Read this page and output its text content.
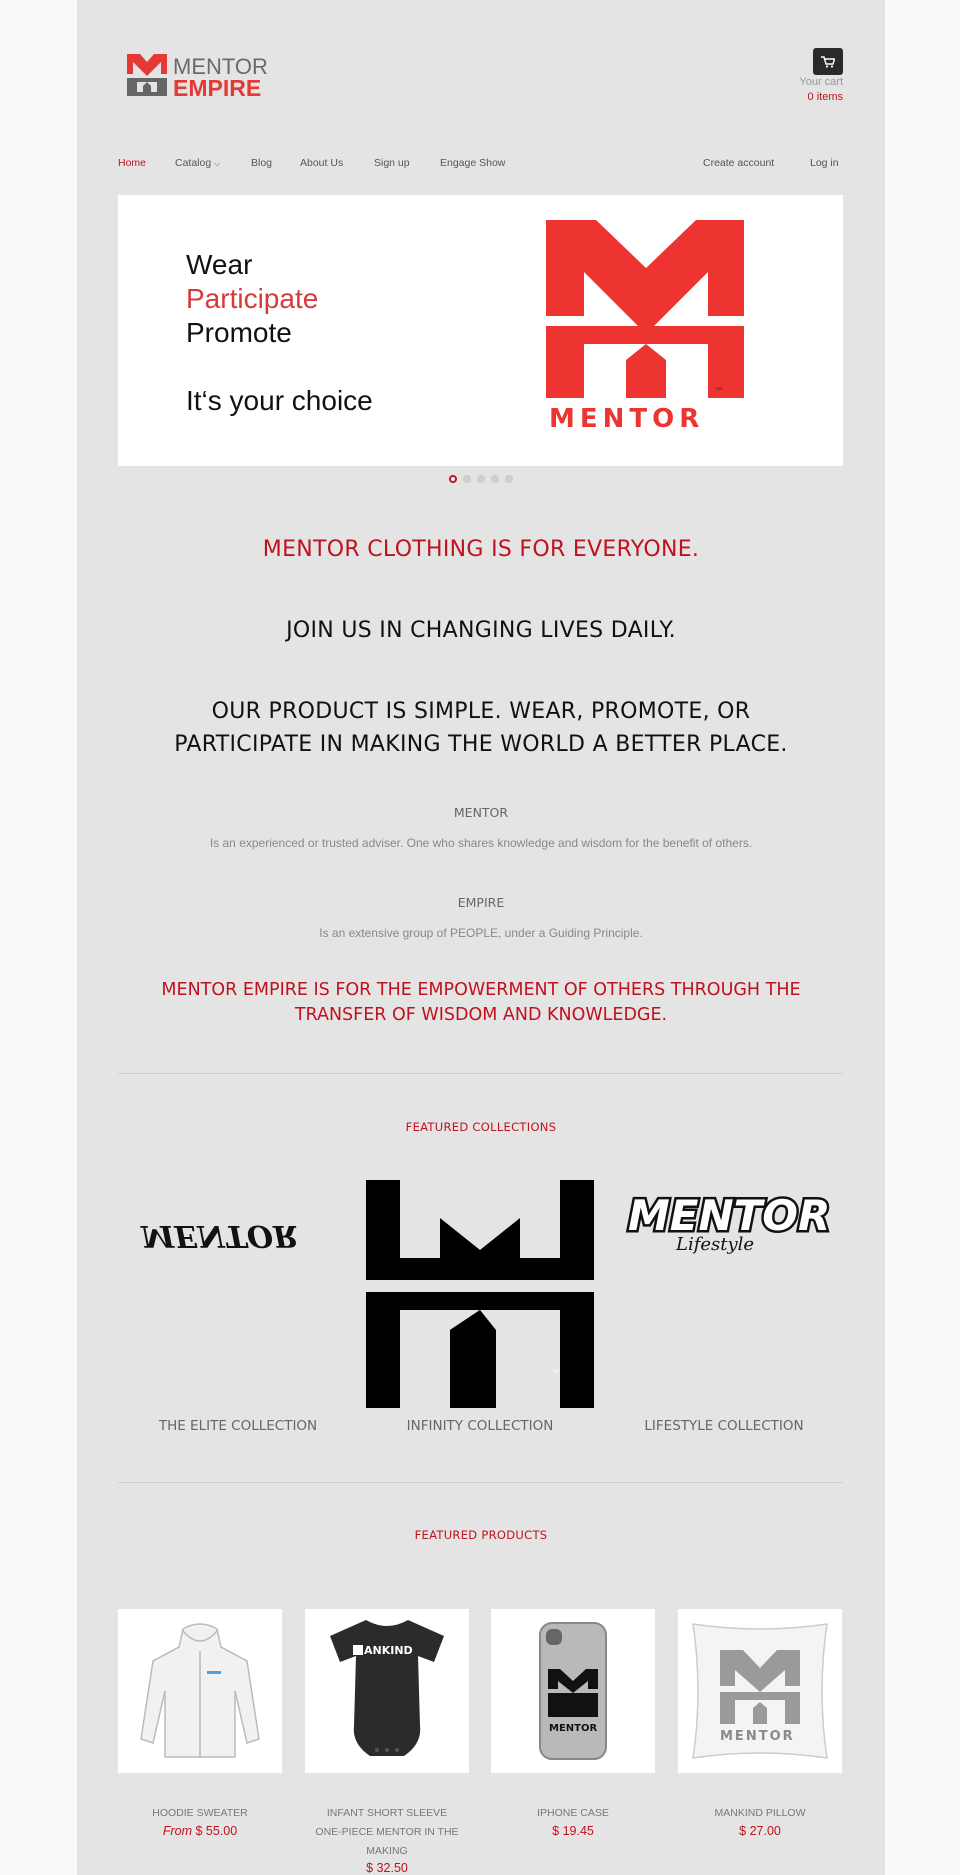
MENTOR
EMPIRE	Your cart
0 items
Home	Catalog ⌵	Blog	About Us	Sign up	Engage Show	Create account	Log in
Wear
Participate
Promote
It‘s your choice	™
MENTOR
MENTOR CLOTHING IS FOR EVERYONE.
JOIN US IN CHANGING LIVES DAILY.
OUR PRODUCT IS SIMPLE. WEAR, PROMOTE, OR
PARTICIPATE IN MAKING THE WORLD A BETTER PLACE.
MENTOR
Is an experienced or trusted adviser. One who shares knowledge and wisdom for the benefit of others.
EMPIRE
Is an extensive group of PEOPLE, under a Guiding Principle.
MENTOR EMPIRE IS FOR THE EMPOWERMENT OF OTHERS THROUGH THE
TRANSFER OF WISDOM AND KNOWLEDGE.
FEATURED COLLECTIONS
MENTOR
™
MENTOR
Lifestyle
THE ELITE COLLECTION	INFINITY COLLECTION	LIFESTYLE COLLECTION
FEATURED PRODUCTS
HOODIE SWEATER
From $ 55.00
ANKIND
INFANT SHORT SLEEVE
ONE-PIECE MENTOR IN THE
MAKING
$ 32.50
MENTOR
IPHONE CASE
$ 19.45
MENTOR
MANKIND PILLOW
$ 27.00
